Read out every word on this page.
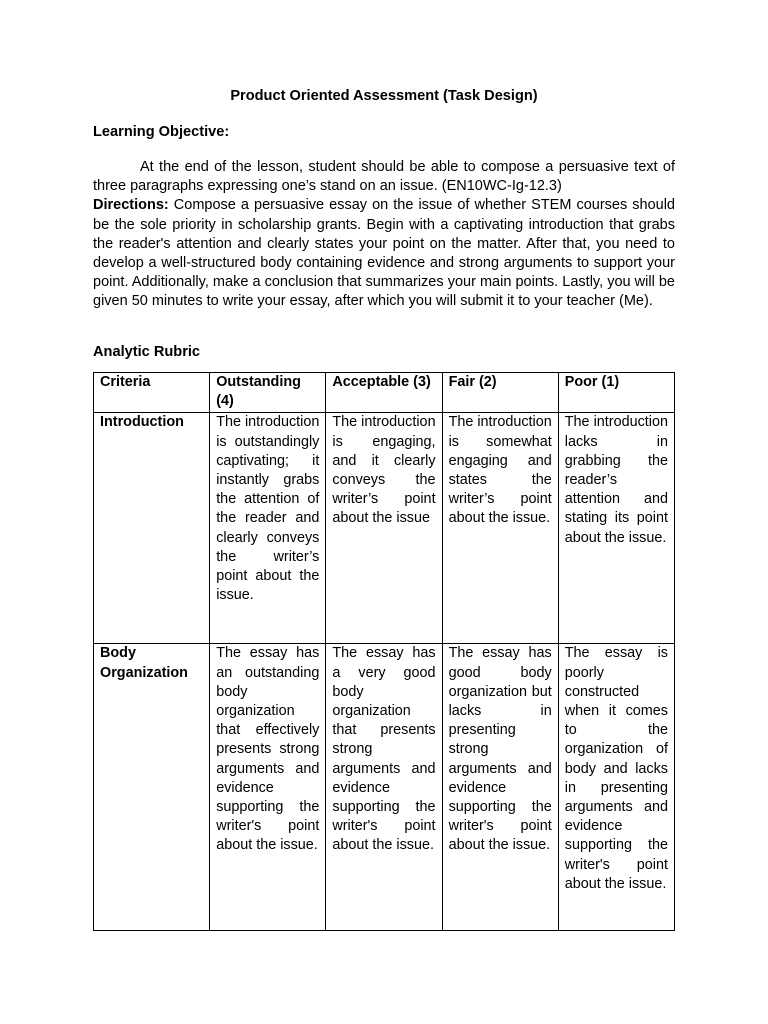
Product Oriented Assessment (Task Design)
Learning Objective:

At the end of the lesson, student should be able to compose a persuasive text of three paragraphs expressing one’s stand on an issue. (EN10WC-Ig-12.3)

Directions: Compose a persuasive essay on the issue of whether STEM courses should be the sole priority in scholarship grants. Begin with a captivating introduction that grabs the reader's attention and clearly states your point on the matter. After that, you need to develop a well-structured body containing evidence and strong arguments to support your point. Additionally, make a conclusion that summarizes your main points. Lastly, you will be given 50 minutes to write your essay, after which you will submit it to your teacher (Me).

Analytic Rubric
Criteria	Outstanding (4)	Acceptable (3)	Fair (2)	Poor (1)
Introduction	The introduction is outstandingly captivating; it instantly grabs the attention of the reader and clearly conveys the writer’s point about the issue.	The introduction is engaging, and it clearly conveys the writer’s point about the issue	The introduction is somewhat engaging and states the writer’s point about the issue.	The introduction lacks in grabbing the reader’s attention and stating its point about the issue.
Body Organization	The essay has an outstanding body organization that effectively presents strong arguments and evidence supporting the writer's point about the issue.	The essay has a very good body organization that presents strong arguments and evidence supporting the writer's point about the issue.	The essay has good body organization but lacks in presenting strong arguments and evidence supporting the writer's point about the issue.	The essay is poorly constructed when it comes to the organization of body and lacks in presenting arguments and evidence supporting the writer's point about the issue.
